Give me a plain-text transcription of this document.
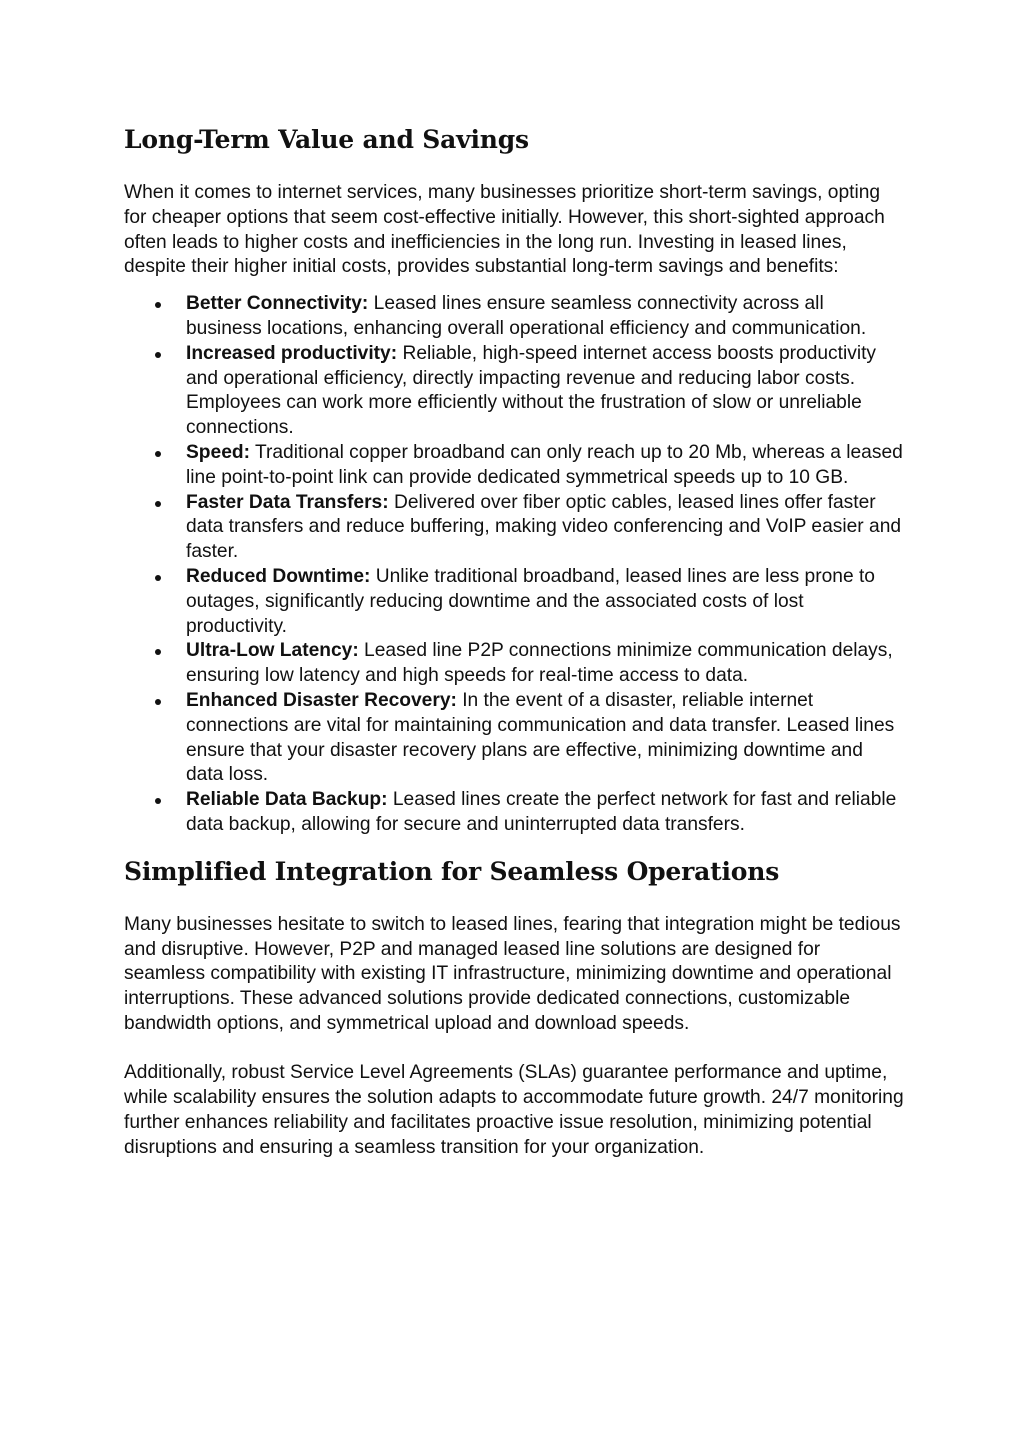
Long-Term Value and Savings

When it comes to internet services, many businesses prioritize short-term savings, opting for cheaper options that seem cost-effective initially. However, this short-sighted approach often leads to higher costs and inefficiencies in the long run. Investing in leased lines, despite their higher initial costs, provides substantial long-term savings and benefits:

Better Connectivity: Leased lines ensure seamless connectivity across all business locations, enhancing overall operational efficiency and communication.
Increased productivity: Reliable, high-speed internet access boosts productivity and operational efficiency, directly impacting revenue and reducing labor costs. Employees can work more efficiently without the frustration of slow or unreliable connections.
Speed: Traditional copper broadband can only reach up to 20 Mb, whereas a leased line point-to-point link can provide dedicated symmetrical speeds up to 10 GB.
Faster Data Transfers: Delivered over fiber optic cables, leased lines offer faster data transfers and reduce buffering, making video conferencing and VoIP easier and faster.
Reduced Downtime: Unlike traditional broadband, leased lines are less prone to outages, significantly reducing downtime and the associated costs of lost productivity.
Ultra-Low Latency: Leased line P2P connections minimize communication delays, ensuring low latency and high speeds for real-time access to data.
Enhanced Disaster Recovery: In the event of a disaster, reliable internet connections are vital for maintaining communication and data transfer. Leased lines ensure that your disaster recovery plans are effective, minimizing downtime and data loss.
Reliable Data Backup: Leased lines create the perfect network for fast and reliable data backup, allowing for secure and uninterrupted data transfers.
Simplified Integration for Seamless Operations

Many businesses hesitate to switch to leased lines, fearing that integration might be tedious and disruptive. However, P2P and managed leased line solutions are designed for seamless compatibility with existing IT infrastructure, minimizing downtime and operational interruptions. These advanced solutions provide dedicated connections, customizable bandwidth options, and symmetrical upload and download speeds.

Additionally, robust Service Level Agreements (SLAs) guarantee performance and uptime, while scalability ensures the solution adapts to accommodate future growth. 24/7 monitoring further enhances reliability and facilitates proactive issue resolution, minimizing potential disruptions and ensuring a seamless transition for your organization.
